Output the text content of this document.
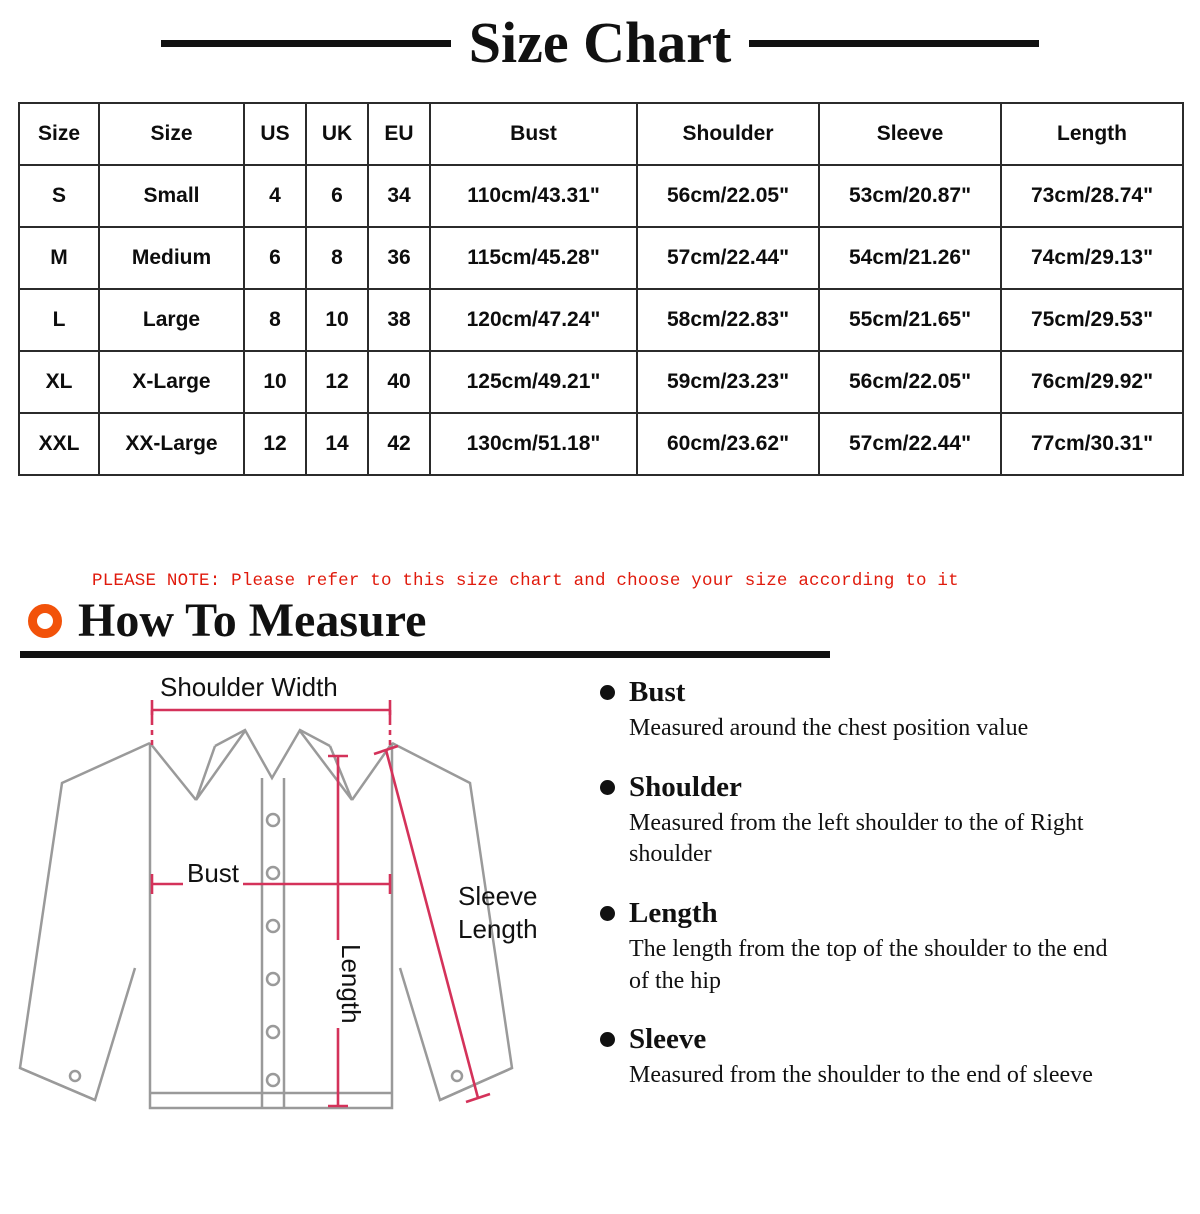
Size Chart
Size	Size	US	UK	EU	Bust	Shoulder	Sleeve	Length
S	Small	4	6	34	110cm/43.31"	56cm/22.05"	53cm/20.87"	73cm/28.74"
M	Medium	6	8	36	115cm/45.28"	57cm/22.44"	54cm/21.26"	74cm/29.13"
L	Large	8	10	38	120cm/47.24"	58cm/22.83"	55cm/21.65"	75cm/29.53"
XL	X-Large	10	12	40	125cm/49.21"	59cm/23.23"	56cm/22.05"	76cm/29.92"
XXL	XX-Large	12	14	42	130cm/51.18"	60cm/23.62"	57cm/22.44"	77cm/30.31"
PLEASE NOTE: Please refer to this size chart and choose your size according to it
How To Measure
Shoulder Width
Bust
Sleeve
Length
Length
Bust
Measured around the chest position value
Shoulder
Measured from the left shoulder to the of Right shoulder
Length
The length from the top of the shoulder to the end of the hip
Sleeve
Measured from the shoulder to the end of sleeve
